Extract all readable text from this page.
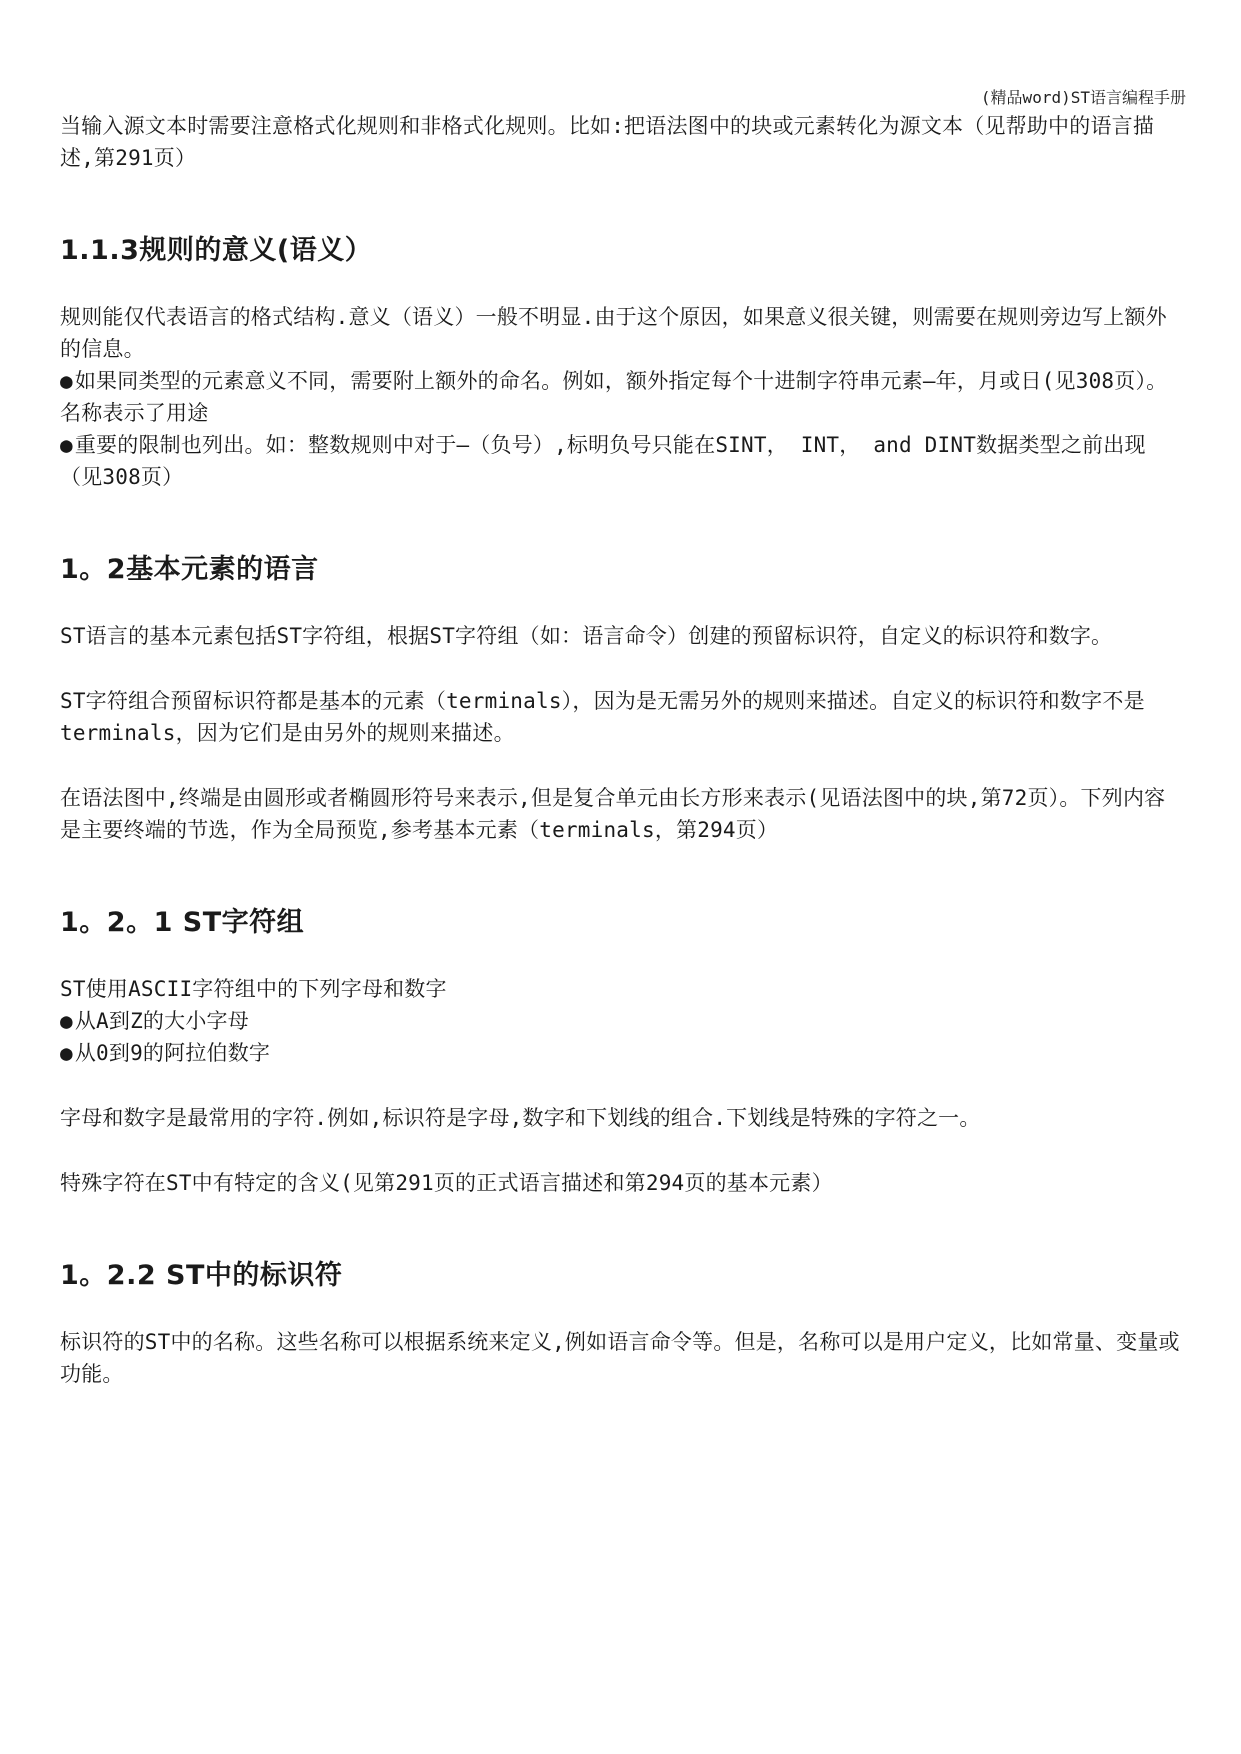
(精品word)ST语言编程手册

当输入源文本时需要注意格式化规则和非格式化规则。比如:把语法图中的块或元素转化为源文本（见帮助中的语言描述,第291页）

1.1.3规则的意义(语义）

规则能仅代表语言的格式结构.意义（语义）一般不明显.由于这个原因，如果意义很关键，则需要在规则旁边写上额外的信息。

● 如果同类型的元素意义不同，需要附上额外的命名。例如，额外指定每个十进制字符串元素—年，月或日(见308页）。名称表示了用途

● 重要的限制也列出。如：整数规则中对于—（负号）,标明负号只能在SINT， INT， and DINT数据类型之前出现（见308页）

1。2基本元素的语言

ST语言的基本元素包括ST字符组，根据ST字符组（如：语言命令）创建的预留标识符，自定义的标识符和数字。

ST字符组合预留标识符都是基本的元素（terminals），因为是无需另外的规则来描述。自定义的标识符和数字不是terminals，因为它们是由另外的规则来描述。

在语法图中,终端是由圆形或者椭圆形符号来表示,但是复合单元由长方形来表示(见语法图中的块,第72页）。下列内容是主要终端的节选，作为全局预览,参考基本元素（terminals，第294页）

1。2。1 ST字符组

ST使用ASCII字符组中的下列字母和数字

● 从A到Z的大小字母

● 从0到9的阿拉伯数字

字母和数字是最常用的字符.例如,标识符是字母,数字和下划线的组合.下划线是特殊的字符之一。

特殊字符在ST中有特定的含义(见第291页的正式语言描述和第294页的基本元素）

1。2.2 ST中的标识符

标识符的ST中的名称。这些名称可以根据系统来定义,例如语言命令等。但是，名称可以是用户定义，比如常量、变量或功能。
